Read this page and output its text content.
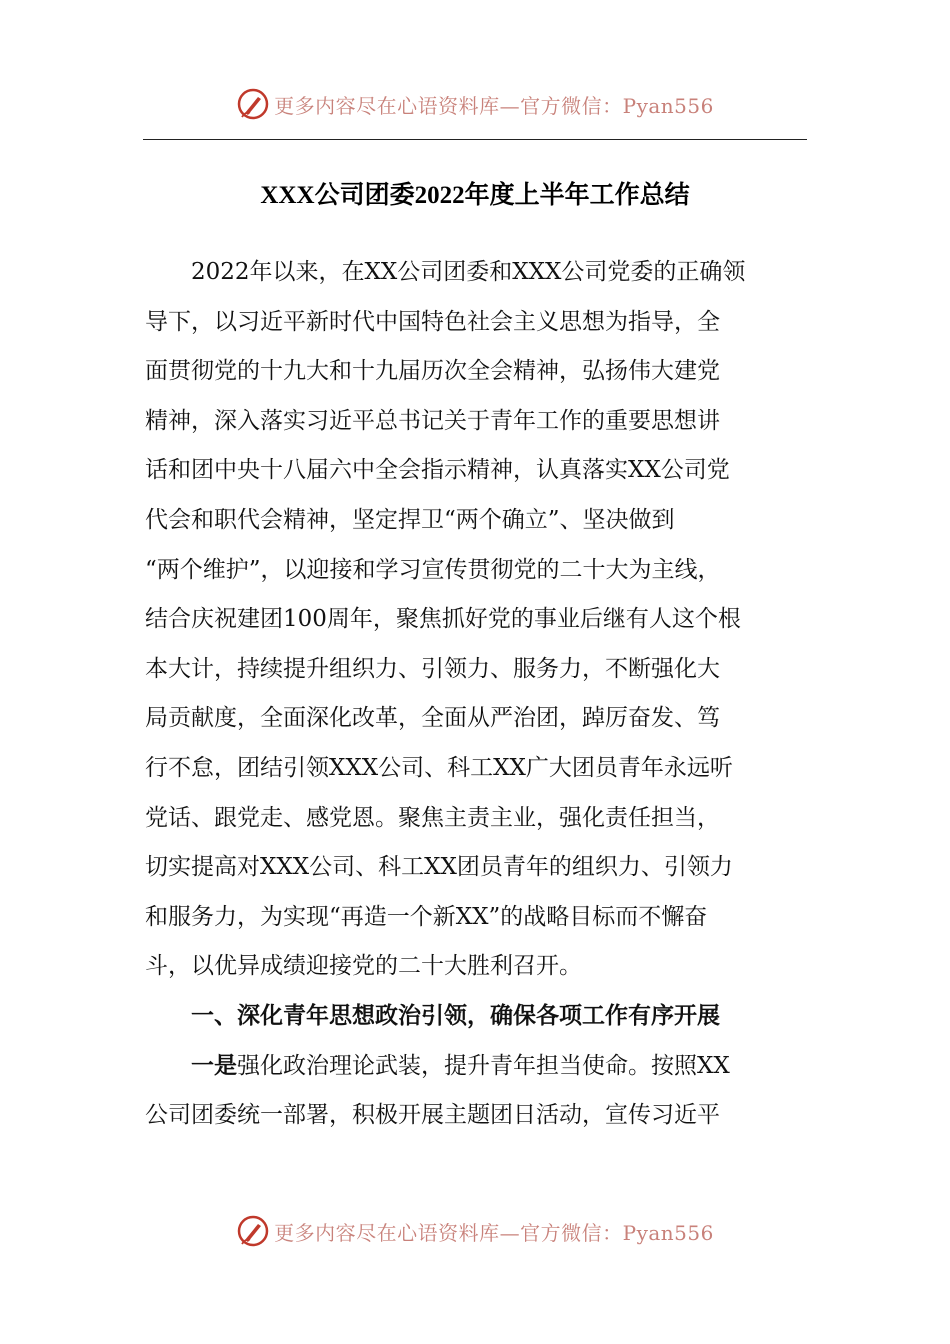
更多内容尽在心语资料库—官方微信：Pyan556
XXX公司团委2022年度上半年工作总结
2022年以来，在XX公司团委和XXX公司党委的正确领
导下，以习近平新时代中国特色社会主义思想为指导，全
面贯彻党的十九大和十九届历次全会精神，弘扬伟大建党
精神，深入落实习近平总书记关于青年工作的重要思想讲
话和团中央十八届六中全会指示精神，认真落实XX公司党
代会和职代会精神，坚定捍卫“两个确立”、坚决做到
“两个维护”，以迎接和学习宣传贯彻党的二十大为主线，
结合庆祝建团100周年，聚焦抓好党的事业后继有人这个根
本大计，持续提升组织力、引领力、服务力，不断强化大
局贡献度，全面深化改革，全面从严治团，踔厉奋发、笃
行不怠，团结引领XXX公司、科工XX广大团员青年永远听
党话、跟党走、感党恩。聚焦主责主业，强化责任担当，
切实提高对XXX公司、科工XX团员青年的组织力、引领力
和服务力，为实现“再造一个新XX”的战略目标而不懈奋
斗，以优异成绩迎接党的二十大胜利召开。
一、深化青年思想政治引领，确保各项工作有序开展
一是强化政治理论武装，提升青年担当使命。按照XX
公司团委统一部署，积极开展主题团日活动，宣传习近平
更多内容尽在心语资料库—官方微信：Pyan556
